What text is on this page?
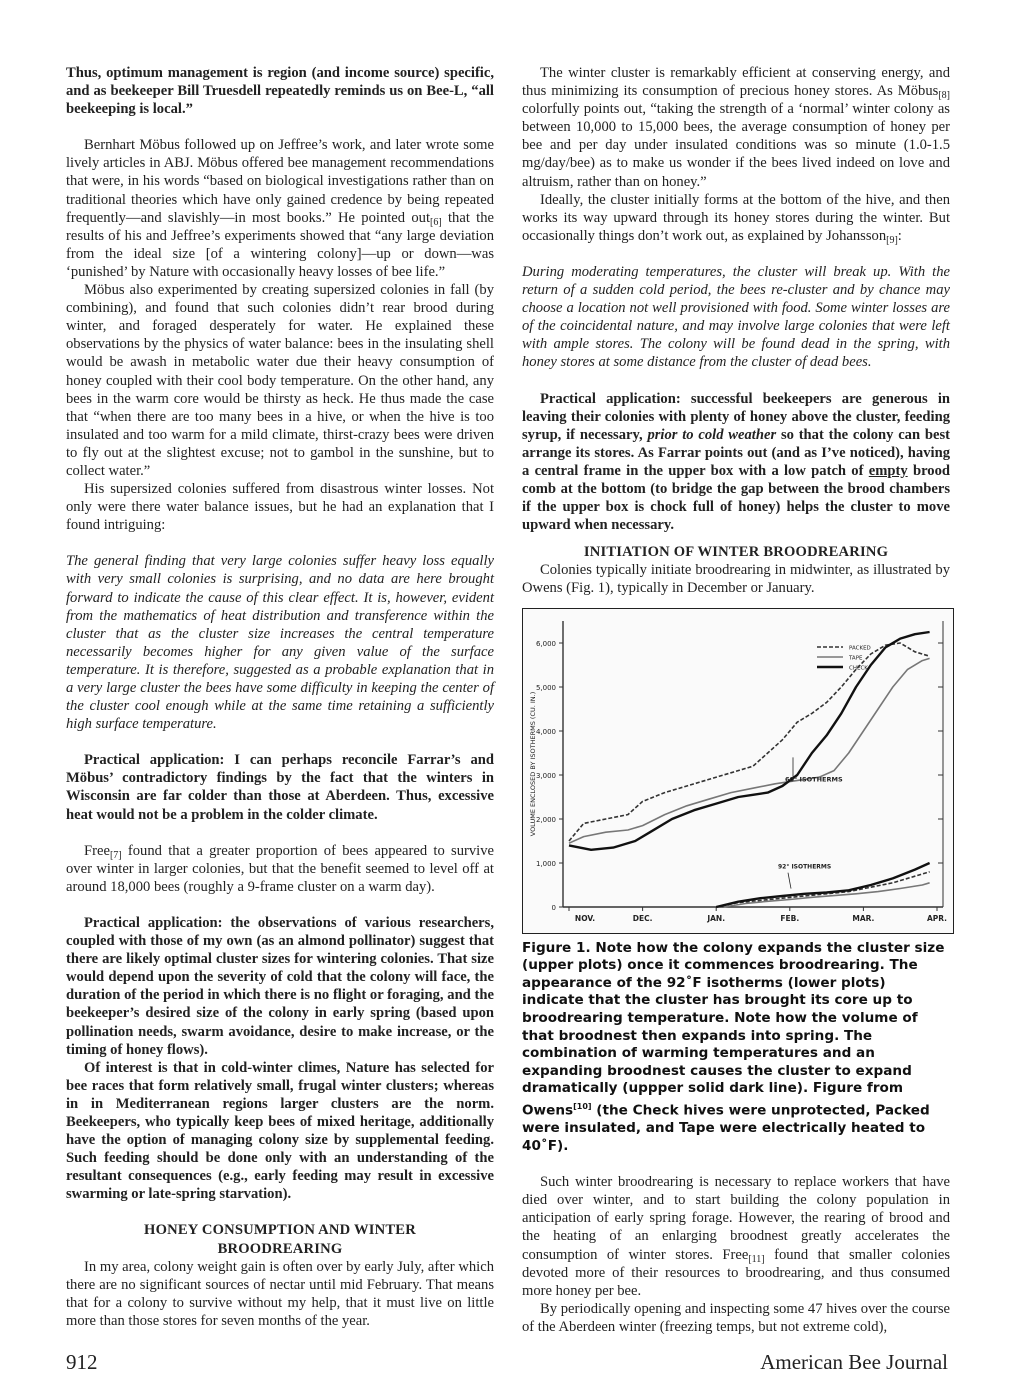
Thus, optimum management is region (and income source) specific, and as beekeeper Bill Truesdell repeatedly reminds us on Bee-L, “all beekeeping is local.”

Bernhart Möbus followed up on Jeffree’s work, and later wrote some lively articles in ABJ. Möbus offered bee management recommendations that were, in his words “based on biological investigations rather than on traditional theories which have only gained credence by being repeated frequently—and slavishly—in most books.” He pointed out$_{[6]}$ that the results of his and Jeffree’s experiments showed that “any large deviation from the ideal size [of a wintering colony]—up or down—was ‘punished’ by Nature with occasionally heavy losses of bee life.”

Möbus also experimented by creating supersized colonies in fall (by combining), and found that such colonies didn’t rear brood during winter, and foraged desperately for water. He explained these observations by the physics of water balance: bees in the insulating shell would be awash in metabolic water due their heavy consumption of honey coupled with their cool body temperature. On the other hand, any bees in the warm core would be thirsty as heck. He thus made the case that “when there are too many bees in a hive, or when the hive is too insulated and too warm for a mild climate, thirst-crazy bees were driven to fly out at the slightest excuse; not to gambol in the sunshine, but to collect water.”

His supersized colonies suffered from disastrous winter losses. Not only were there water balance issues, but he had an explanation that I found intriguing:

The general finding that very large colonies suffer heavy loss equally with very small colonies is surprising, and no data are here brought forward to indicate the cause of this clear effect. It is, however, evident from the mathematics of heat distribution and transference within the cluster that as the cluster size increases the central temperature necessarily becomes higher for any given value of the surface temperature. It is therefore, suggested as a probable explanation that in a very large cluster the bees have some difficulty in keeping the center of the cluster cool enough while at the same time retaining a sufficiently high surface temperature.

Practical application: I can perhaps reconcile Farrar’s and Möbus’ contradictory findings by the fact that the winters in Wisconsin are far colder than those at Aberdeen. Thus, excessive heat would not be a problem in the colder climate.

Free$_{[7]}$ found that a greater proportion of bees appeared to survive over winter in larger colonies, but that the benefit seemed to level off at around 18,000 bees (roughly a 9-frame cluster on a warm day).

Practical application: the observations of various researchers, coupled with those of my own (as an almond pollinator) suggest that there are likely optimal cluster sizes for wintering colonies. That size would depend upon the severity of cold that the colony will face, the duration of the period in which there is no flight or foraging, and the beekeeper’s desired size of the colony in early spring (based upon pollination needs, swarm avoidance, desire to make increase, or the timing of honey flows).

Of interest is that in cold-winter climes, Nature has selected for bee races that form relatively small, frugal winter clusters; whereas in in Mediterranean regions larger clusters are the norm. Beekeepers, who typically keep bees of mixed heritage, additionally have the option of managing colony size by supplemental feeding. Such feeding should be done only with an understanding of the resultant consequences (e.g., early feeding may result in excessive swarming or late-spring starvation).

HONEY CONSUMPTION AND WINTER BROODREARING

In my area, colony weight gain is often over by early July, after which there are no significant sources of nectar until mid February. That means that for a colony to survive without my help, that it must live on little more than those stores for seven months of the year.

The winter cluster is remarkably efficient at conserving energy, and thus minimizing its consumption of precious honey stores. As Möbus$_{[8]}$ colorfully points out, “taking the strength of a ‘normal’ winter colony as between 10,000 to 15,000 bees, the average consumption of honey per bee and per day under insulated conditions was so minute (1.0-1.5 mg/day/bee) as to make us wonder if the bees lived indeed on love and altruism, rather than on honey.”

Ideally, the cluster initially forms at the bottom of the hive, and then works its way upward through its honey stores during the winter. But occasionally things don’t work out, as explained by Johansson$_{[9]}$:

During moderating temperatures, the cluster will break up. With the return of a sudden cold period, the bees re-cluster and by chance may choose a location not well provisioned with food. Some winter losses are of the coincidental nature, and may involve large colonies that were left with ample stores. The colony will be found dead in the spring, with honey stores at some distance from the cluster of dead bees.

Practical application: successful beekeepers are generous in leaving their colonies with plenty of honey above the cluster, feeding syrup, if necessary, prior to cold weather so that the colony can best arrange its stores. As Farrar points out (and as I’ve noticed), having a central frame in the upper box with a low patch of empty brood comb at the bottom (to bridge the gap between the brood chambers if the upper box is chock full of honey) helps the cluster to move upward when necessary.

INITIATION OF WINTER BROODREARING

Colonies typically initiate broodrearing in midwinter, as illustrated by Owens (Fig. 1), typically in December or January.

0
1,000
2,000
3,000
4,000
5,000
6,000
VOLUME ENCLOSED BY ISOTHERMS (CU. IN.)
NOV.	DEC.	JAN.	FEB.	MAR.	APR.
PACKED
TAPE
CHECK
60° ISOTHERMS
92° ISOTHERMS

Figure 1. Note how the colony expands the cluster size (upper plots) once it commences broodrearing. The appearance of the 92˚F isotherms (lower plots) indicate that the cluster has brought its core up to broodrearing temperature. Note how the volume of that broodnest then expands into spring. The combination of warming temperatures and an expanding broodnest causes the cluster to expand dramatically (uppper solid dark line). Figure from Owens[10] (the Check hives were unprotected, Packed were insulated, and Tape were electrically heated to 40˚F).

Such winter broodrearing is necessary to replace workers that have died over winter, and to start building the colony population in anticipation of early spring forage. However, the rearing of brood and the heating of an enlarging broodnest greatly accelerates the consumption of winter stores. Free$_{[11]}$ found that smaller colonies devoted more of their resources to broodrearing, and thus consumed more honey per bee.

By periodically opening and inspecting some 47 hives over the course of the Aberdeen winter (freezing temps, but not extreme cold),

912	American Bee Journal
